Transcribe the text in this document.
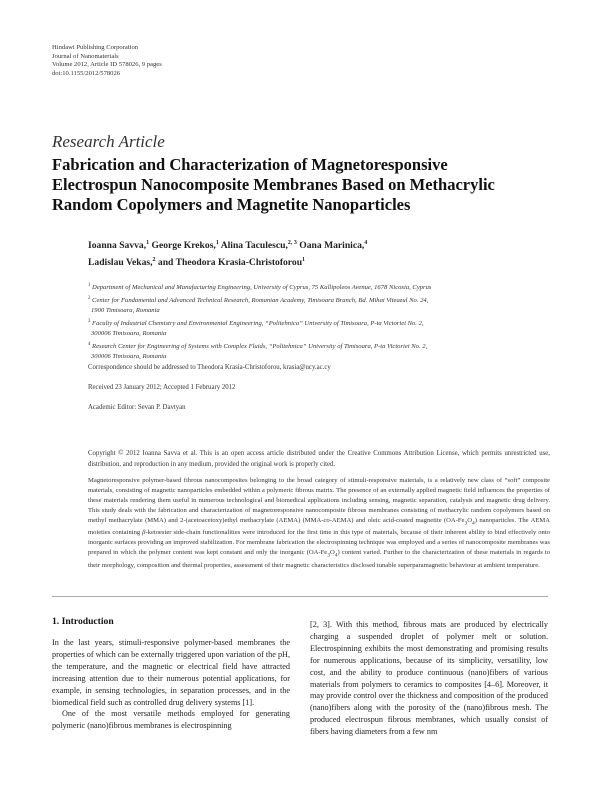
Hindawi Publishing Corporation
Journal of Nanomaterials
Volume 2012, Article ID 578026, 9 pages
doi:10.1155/2012/578026
Research Article
Fabrication and Characterization of Magnetoresponsive
Electrospun Nanocomposite Membranes Based on Methacrylic
Random Copolymers and Magnetite Nanoparticles
Ioanna Savva,$^1$ George Krekos,$^1$ Alina Taculescu,$^{2, 3}$ Oana Marinica,$^4$
Ladislau Vekas,$^2$ and Theodora Krasia-Christoforou$^1$
$^1$ Department of Mechanical and Manufacturing Engineering, University of Cyprus, 75 Kallipoleos Avenue, 1678 Nicosia, Cyprus
$^2$ Center for Fundamental and Advanced Technical Research, Romanian Academy, Timisoara Branch, Bd. Mihai Viteazul No. 24,
1900 Timisoara, Romania
$^3$ Faculty of Industrial Chemistry and Environmental Engineering, “Politehnica” University of Timisoara, P-ta Victoriei No. 2,
300006 Timisoara, Romania
$^4$ Research Center for Engineering of Systems with Complex Fluids, “Politehnica” University of Timisoara, P-ta Victoriei No. 2,
300006 Timisoara, Romania
Correspondence should be addressed to Theodora Krasia-Christoforou, krasia@ucy.ac.cy
Received 23 January 2012; Accepted 1 February 2012
Academic Editor: Sevan P. Davtyan
Copyright © 2012 Ioanna Savva et al. This is an open access article distributed under the Creative Commons Attribution License, which permits unrestricted use, distribution, and reproduction in any medium, provided the original work is properly cited.
Magnetoresponsive polymer-based fibrous nanocomposites belonging to the broad category of stimuli-responsive materials, is a relatively new class of “soft” composite materials, consisting of magnetic nanoparticles embedded within a polymeric fibrous matrix. The presence of an externally applied magnetic field influences the properties of these materials rendering them useful in numerous technological and biomedical applications including sensing, magnetic separation, catalysis and magnetic drug delivery. This study deals with the fabrication and characterization of magnetoresponsive nanocomposite fibrous membranes consisting of methacrylic random copolymers based on methyl methacrylate (MMA) and 2-(acetoacetoxy)ethyl methacrylate (AEMA) (MMA-co-AEMA) and oleic acid-coated magnetite $(OA-Fe_3O_4)$ nanoparticles. The AEMA moieties containing β-ketoester side-chain functionalities were introduced for the first time in this type of materials, because of their inherent ability to bind effectively onto inorganic surfaces providing an improved stabilization. For membrane fabrication the electrospinning technique was employed and a series of nanocomposite membranes was prepared in which the polymer content was kept constant and only the inorganic $(OA-Fe_3O_4)$ content varied. Further to the characterization of these materials in regards to their morphology, composition and thermal properties, assessment of their magnetic characteristics disclosed tunable superparamagnetic behaviour at ambient temperature.
1. Introduction
In the last years, stimuli-responsive polymer-based membranes the properties of which can be externally triggered upon variation of the pH, the temperature, and the magnetic or electrical field have attracted increasing attention due to their numerous potential applications, for example, in sensing technologies, in separation processes, and in the biomedical field such as controlled drug delivery systems [1].
One of the most versatile methods employed for generating polymeric (nano)fibrous membranes is electrospinning
[2, 3]. With this method, fibrous mats are produced by electrically charging a suspended droplet of polymer melt or solution. Electrospinning exhibits the most demonstrating and promising results for numerous applications, because of its simplicity, versatility, low cost, and the ability to produce continuous (nano)fibers of various materials from polymers to ceramics to composites [4–6]. Moreover, it may provide control over the thickness and composition of the produced (nano)fibers along with the porosity of the (nano)fibrous mesh. The produced electrospun fibrous membranes, which usually consist of fibers having diameters from a few nm
